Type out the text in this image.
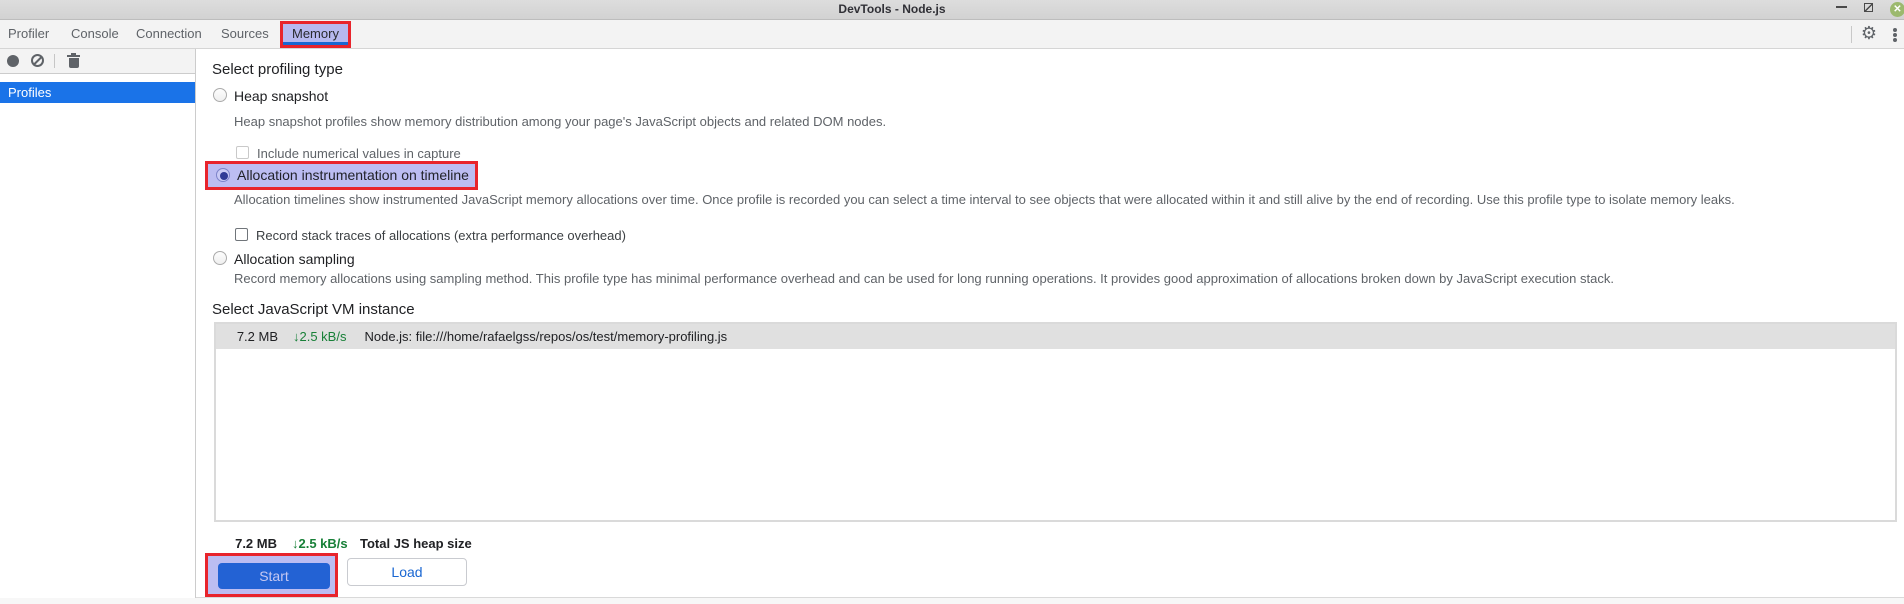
DevTools - Node.js	✕
Profiler Console Connection Sources Memory	⚙
Profiles
Select profiling type
Heap snapshot
Heap snapshot profiles show memory distribution among your page's JavaScript objects and related DOM nodes.
Include numerical values in capture
Allocation instrumentation on timeline
Allocation timelines show instrumented JavaScript memory allocations over time. Once profile is recorded you can select a time interval to see objects that were allocated within it and still alive by the end of recording. Use this profile type to isolate memory leaks.
Record stack traces of allocations (extra performance overhead)
Allocation sampling
Record memory allocations using sampling method. This profile type has minimal performance overhead and can be used for long running operations. It provides good approximation of allocations broken down by JavaScript execution stack.
Select JavaScript VM instance
7.2 MB ↓2.5 kB/s Node.js: file:///home/rafaelgss/repos/os/test/memory-profiling.js
7.2 MB ↓2.5 kB/s Total JS heap size
Start	Load
